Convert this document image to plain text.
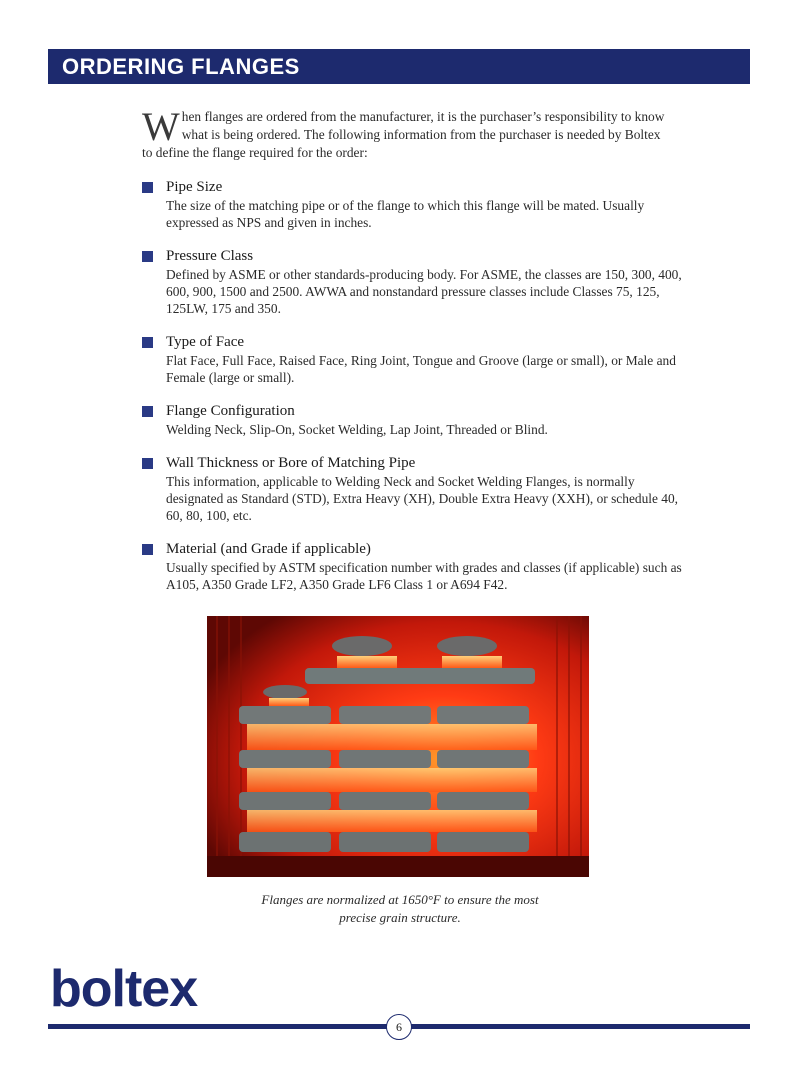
ORDERING FLANGES
When flanges are ordered from the manufacturer, it is the purchaser’s responsibility to know what is being ordered. The following information from the purchaser is needed by Boltex to define the flange required for the order:
Pipe Size
The size of the matching pipe or of the flange to which this flange will be mated. Usually expressed as NPS and given in inches.
Pressure Class
Defined by ASME or other standards-producing body. For ASME, the classes are 150, 300, 400, 600, 900, 1500 and 2500. AWWA and nonstandard pressure classes include Classes 75, 125, 125LW, 175 and 350.
Type of Face
Flat Face, Full Face, Raised Face, Ring Joint, Tongue and Groove (large or small), or Male and Female (large or small).
Flange Configuration
Welding Neck, Slip-On, Socket Welding, Lap Joint, Threaded or Blind.
Wall Thickness or Bore of Matching Pipe
This information, applicable to Welding Neck and Socket Welding Flanges, is normally designated as Standard (STD), Extra Heavy (XH), Double Extra Heavy (XXH), or schedule 40, 60, 80, 100, etc.
Material (and Grade if applicable)
Usually specified by ASTM specification number with grades and classes (if applicable) such as A105, A350 Grade LF2, A350 Grade LF6 Class 1 or A694 F42.
Flanges are normalized at 1650°F to ensure the most
precise grain structure.
boltex
6
